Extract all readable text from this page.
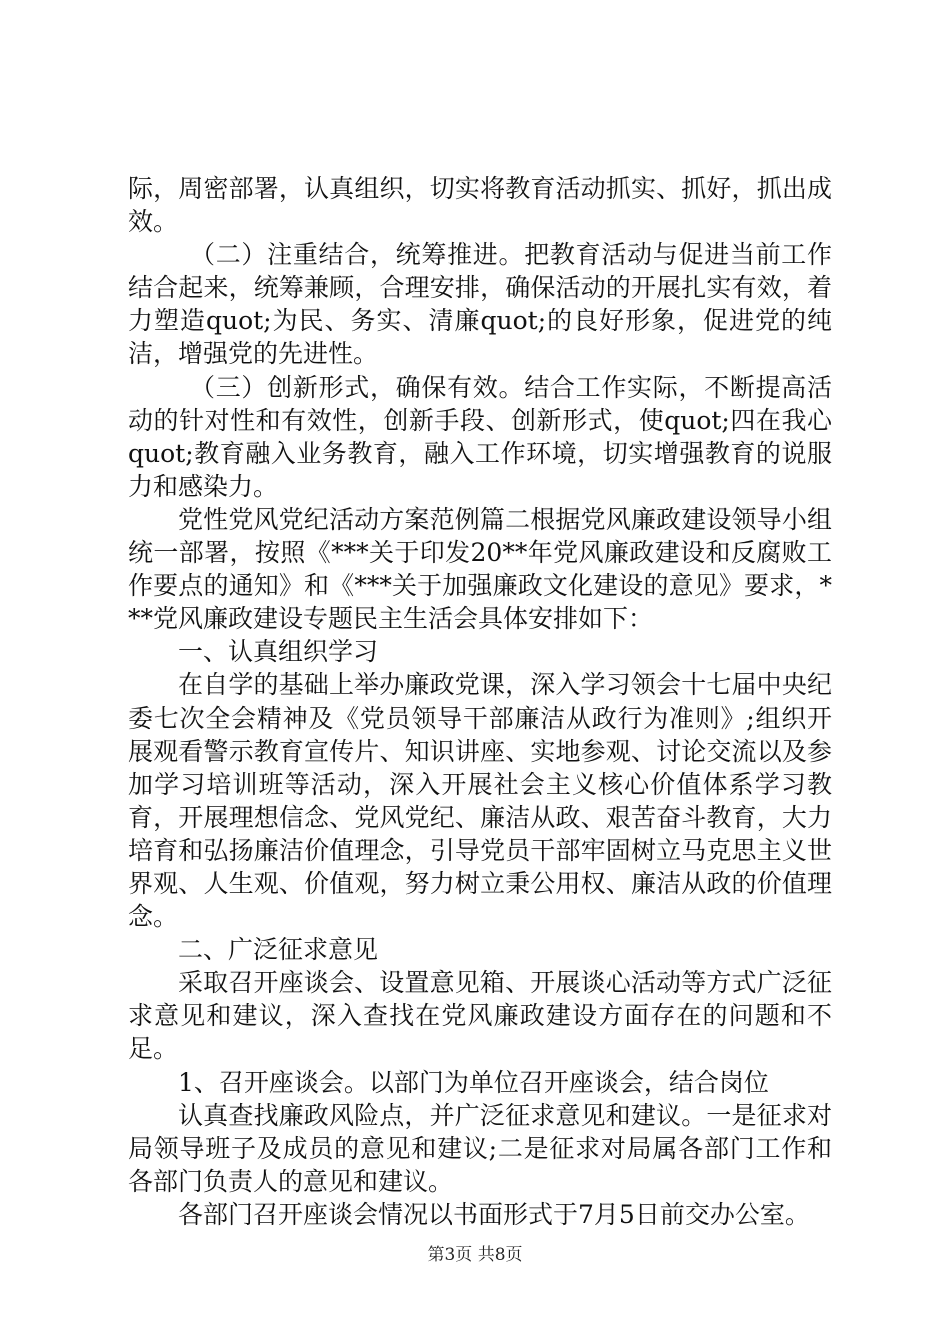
际，周密部署，认真组织，切实将教育活动抓实、抓好，抓出成效。

（二）注重结合，统筹推进。把教育活动与促进当前工作结合起来，统筹兼顾，合理安排，确保活动的开展扎实有效，着力塑造quot;为民、务实、清廉quot;的良好形象，促进党的纯洁，增强党的先进性。

（三）创新形式，确保有效。结合工作实际，不断提高活动的针对性和有效性，创新手段、创新形式，使quot;四在我心quot;教育融入业务教育，融入工作环境，切实增强教育的说服力和感染力。

党性党风党纪活动方案范例篇二根据党风廉政建设领导小组统一部署，按照《***关于印发20**年党风廉政建设和反腐败工作要点的通知》和《***关于加强廉政文化建设的意见》要求，***党风廉政建设专题民主生活会具体安排如下：

一、认真组织学习

在自学的基础上举办廉政党课，深入学习领会十七届中央纪委七次全会精神及《党员领导干部廉洁从政行为准则》;组织开展观看警示教育宣传片、知识讲座、实地参观、讨论交流以及参加学习培训班等活动，深入开展社会主义核心价值体系学习教育，开展理想信念、党风党纪、廉洁从政、艰苦奋斗教育，大力培育和弘扬廉洁价值理念，引导党员干部牢固树立马克思主义世界观、人生观、价值观，努力树立秉公用权、廉洁从政的价值理念。

二、广泛征求意见

采取召开座谈会、设置意见箱、开展谈心活动等方式广泛征求意见和建议，深入查找在党风廉政建设方面存在的问题和不足。

1、召开座谈会。以部门为单位召开座谈会，结合岗位

认真查找廉政风险点，并广泛征求意见和建议。一是征求对局领导班子及成员的意见和建议;二是征求对局属各部门工作和各部门负责人的意见和建议。

各部门召开座谈会情况以书面形式于7月5日前交办公室。

第3页 共8页
